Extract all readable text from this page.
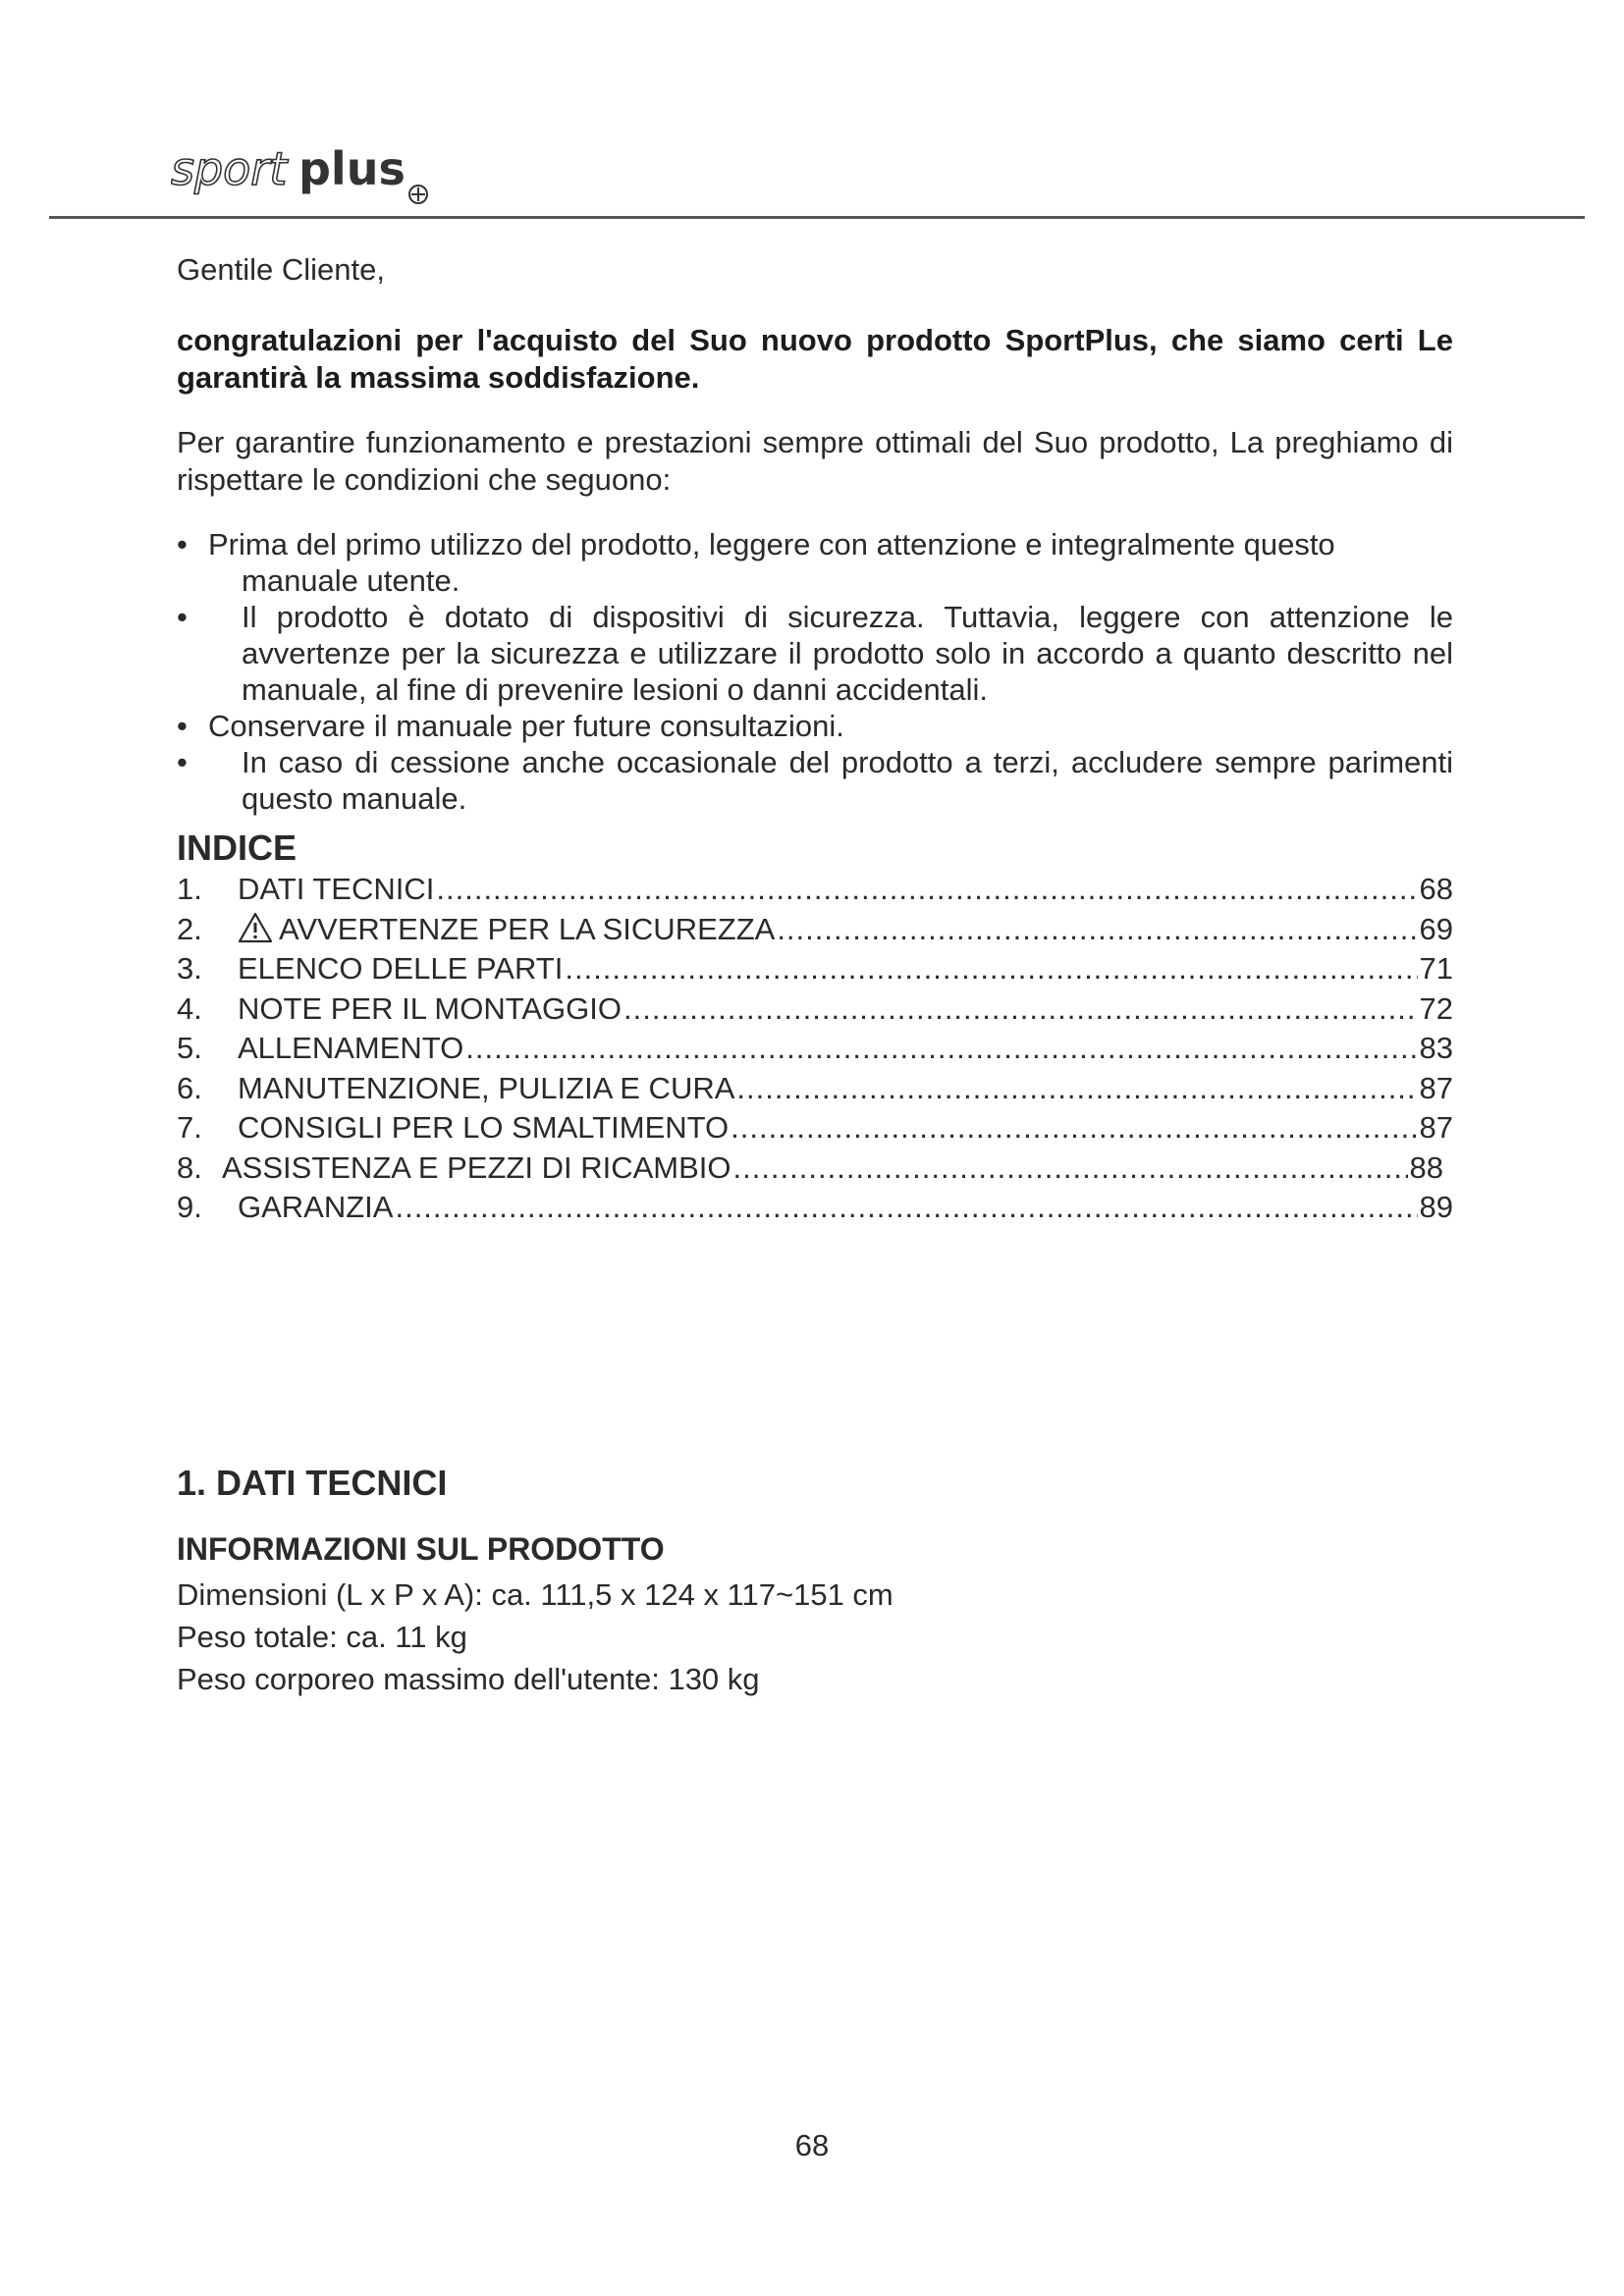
sport plus

Gentile Cliente,

congratulazioni per l'acquisto del Suo nuovo prodotto SportPlus, che siamo certi Le garantirà la massima soddisfazione.

Per garantire funzionamento e prestazioni sempre ottimali del Suo prodotto, La preghiamo di rispettare le condizioni che seguono:

• Prima del primo utilizzo del prodotto, leggere con attenzione e integralmente questo
manuale utente.
• Il prodotto è dotato di dispositivi di sicurezza. Tuttavia, leggere con attenzione le avvertenze per la sicurezza e utilizzare il prodotto solo in accordo a quanto descritto nel manuale, al fine di prevenire lesioni o danni accidentali.
• Conservare il manuale per future consultazioni.
• In caso di cessione anche occasionale del prodotto a terzi, accludere sempre parimenti questo manuale.
INDICE
1.	DATI TECNICI .....	68
2.	AVVERTENZE PER LA SICUREZZA .....	69
3.	ELENCO DELLE PARTI .....	71
4.	NOTE PER IL MONTAGGIO .....	72
5.	ALLENAMENTO .....	83
6.	MANUTENZIONE, PULIZIA E CURA .....	87
7.	CONSIGLI PER LO SMALTIMENTO .....	87
8. ASSISTENZA E PEZZI DI RICAMBIO .....	88
9.	GARANZIA .....	89
1. DATI TECNICI
INFORMAZIONI SUL PRODOTTO
Dimensioni (L x P x A): ca. 111,5 x 124 x 117~151 cm
Peso totale: ca. 11 kg
Peso corporeo massimo dell'utente: 130 kg
68
